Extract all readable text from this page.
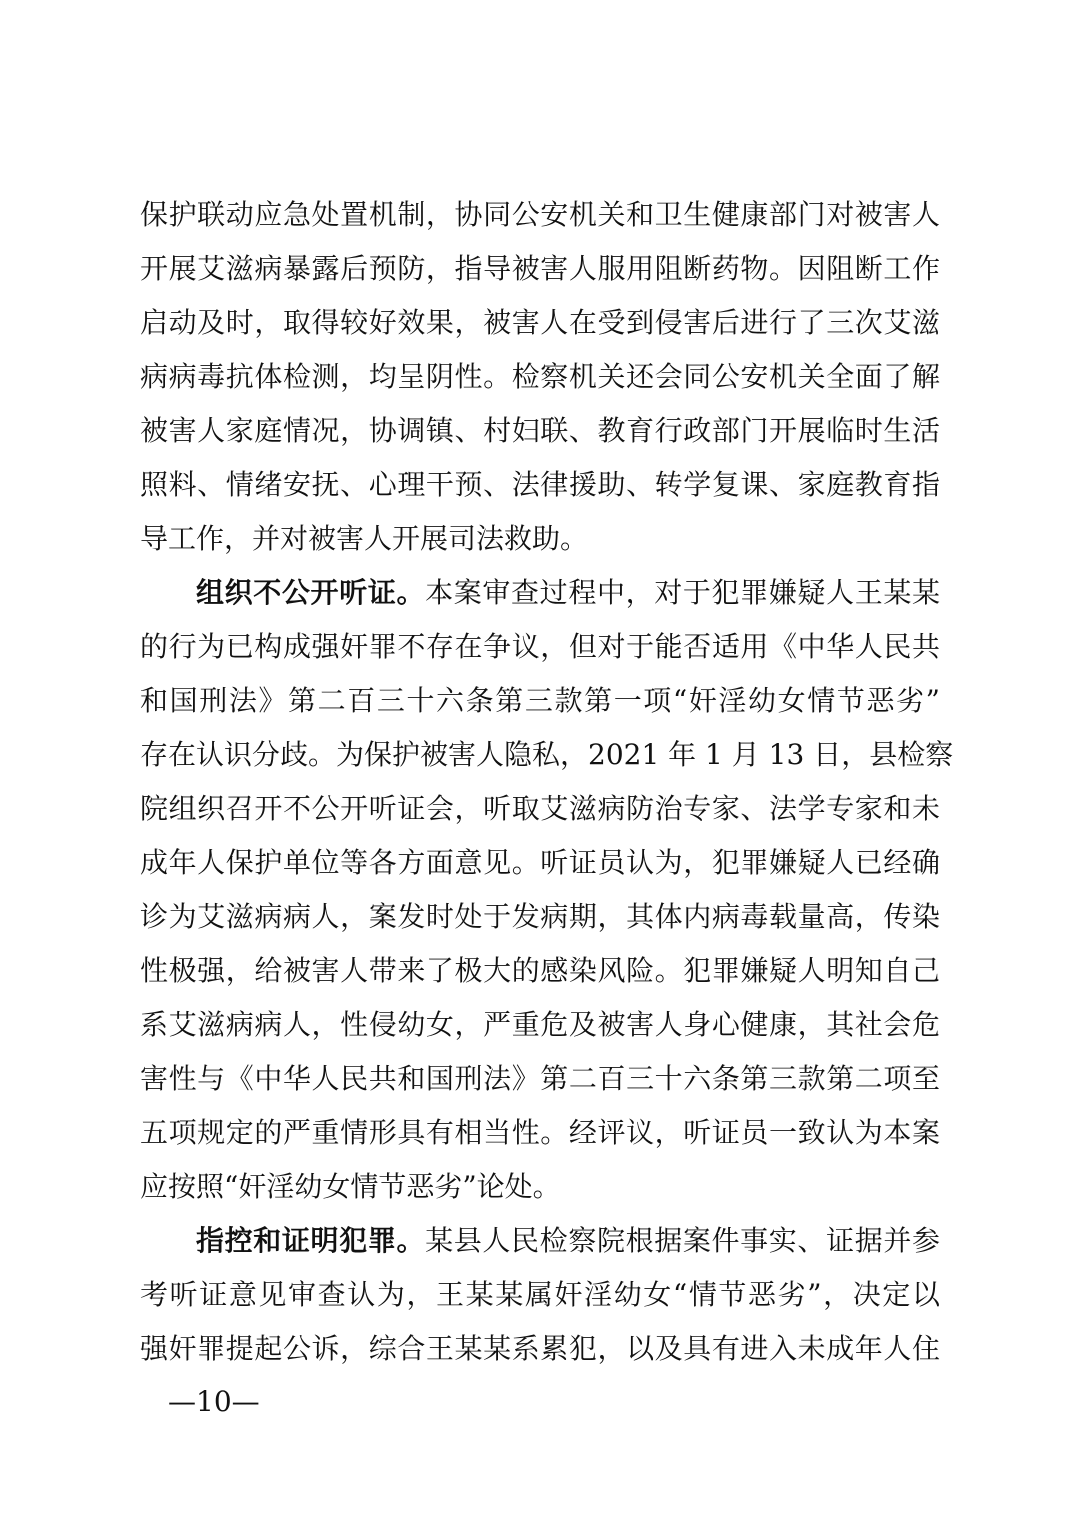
保护联动应急处置机制，协同公安机关和卫生健康部门对被害人
开展艾滋病暴露后预防，指导被害人服用阻断药物。因阻断工作
启动及时，取得较好效果，被害人在受到侵害后进行了三次艾滋
病病毒抗体检测，均呈阴性。检察机关还会同公安机关全面了解
被害人家庭情况，协调镇、村妇联、教育行政部门开展临时生活
照料、情绪安抚、心理干预、法律援助、转学复课、家庭教育指
导工作，并对被害人开展司法救助。
组织不公开听证。本案审查过程中，对于犯罪嫌疑人王某某
的行为已构成强奸罪不存在争议，但对于能否适用《中华人民共
和国刑法》第二百三十六条第三款第一项“奸淫幼女情节恶劣”
存在认识分歧。为保护被害人隐私，2021 年 1 月 13 日，县检察
院组织召开不公开听证会，听取艾滋病防治专家、法学专家和未
成年人保护单位等各方面意见。听证员认为，犯罪嫌疑人已经确
诊为艾滋病病人，案发时处于发病期，其体内病毒载量高，传染
性极强，给被害人带来了极大的感染风险。犯罪嫌疑人明知自己
系艾滋病病人，性侵幼女，严重危及被害人身心健康，其社会危
害性与《中华人民共和国刑法》第二百三十六条第三款第二项至
五项规定的严重情形具有相当性。经评议，听证员一致认为本案
应按照“奸淫幼女情节恶劣”论处。
指控和证明犯罪。某县人民检察院根据案件事实、证据并参
考听证意见审查认为，王某某属奸淫幼女“情节恶劣”，决定以
强奸罪提起公诉，综合王某某系累犯，以及具有进入未成年人住
—10—
